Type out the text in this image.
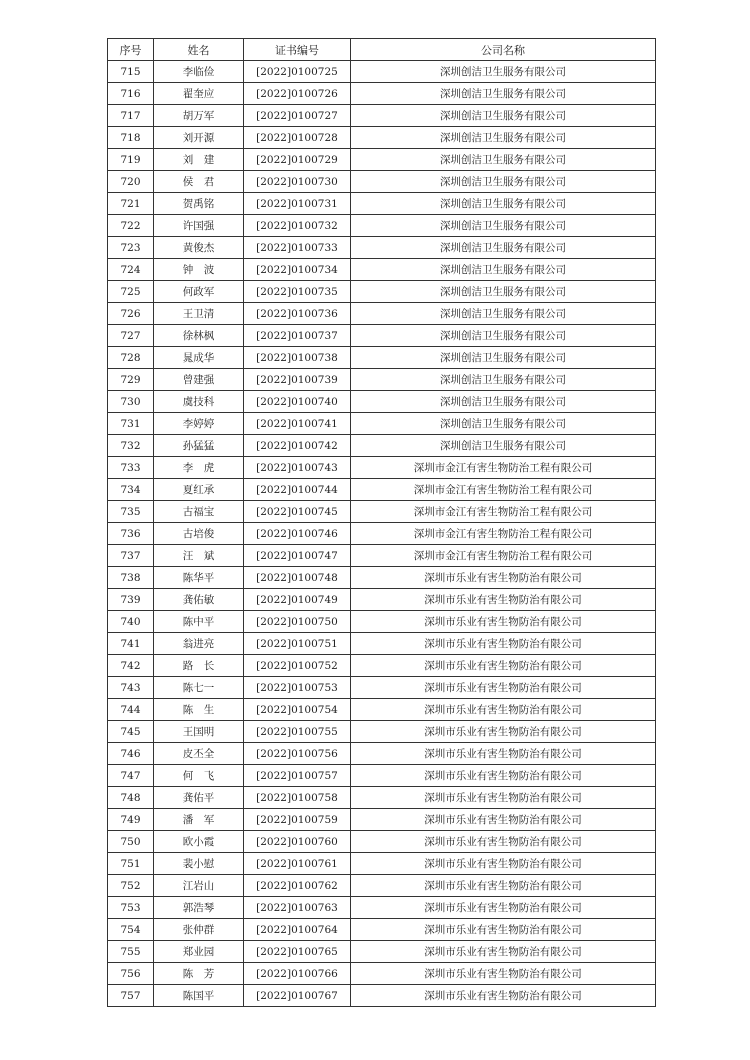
序号	姓名	证书编号	公司名称
715	李临俭	[2022]0100725	深圳创洁卫生服务有限公司
716	翟奎应	[2022]0100726	深圳创洁卫生服务有限公司
717	胡万军	[2022]0100727	深圳创洁卫生服务有限公司
718	刘开源	[2022]0100728	深圳创洁卫生服务有限公司
719	刘　建	[2022]0100729	深圳创洁卫生服务有限公司
720	侯　君	[2022]0100730	深圳创洁卫生服务有限公司
721	贺禹铭	[2022]0100731	深圳创洁卫生服务有限公司
722	许国强	[2022]0100732	深圳创洁卫生服务有限公司
723	黄俊杰	[2022]0100733	深圳创洁卫生服务有限公司
724	钟　波	[2022]0100734	深圳创洁卫生服务有限公司
725	何政军	[2022]0100735	深圳创洁卫生服务有限公司
726	王卫清	[2022]0100736	深圳创洁卫生服务有限公司
727	徐林枫	[2022]0100737	深圳创洁卫生服务有限公司
728	晁成华	[2022]0100738	深圳创洁卫生服务有限公司
729	曾建强	[2022]0100739	深圳创洁卫生服务有限公司
730	虞技科	[2022]0100740	深圳创洁卫生服务有限公司
731	李婷婷	[2022]0100741	深圳创洁卫生服务有限公司
732	孙猛猛	[2022]0100742	深圳创洁卫生服务有限公司
733	李　虎	[2022]0100743	深圳市金江有害生物防治工程有限公司
734	夏红承	[2022]0100744	深圳市金江有害生物防治工程有限公司
735	古福宝	[2022]0100745	深圳市金江有害生物防治工程有限公司
736	古培俊	[2022]0100746	深圳市金江有害生物防治工程有限公司
737	汪　斌	[2022]0100747	深圳市金江有害生物防治工程有限公司
738	陈华平	[2022]0100748	深圳市乐业有害生物防治有限公司
739	龚佑敏	[2022]0100749	深圳市乐业有害生物防治有限公司
740	陈中平	[2022]0100750	深圳市乐业有害生物防治有限公司
741	翁进亮	[2022]0100751	深圳市乐业有害生物防治有限公司
742	路　长	[2022]0100752	深圳市乐业有害生物防治有限公司
743	陈七一	[2022]0100753	深圳市乐业有害生物防治有限公司
744	陈　生	[2022]0100754	深圳市乐业有害生物防治有限公司
745	王国明	[2022]0100755	深圳市乐业有害生物防治有限公司
746	皮丕全	[2022]0100756	深圳市乐业有害生物防治有限公司
747	何　飞	[2022]0100757	深圳市乐业有害生物防治有限公司
748	龚佑平	[2022]0100758	深圳市乐业有害生物防治有限公司
749	潘　军	[2022]0100759	深圳市乐业有害生物防治有限公司
750	欧小霞	[2022]0100760	深圳市乐业有害生物防治有限公司
751	裴小慰	[2022]0100761	深圳市乐业有害生物防治有限公司
752	江岩山	[2022]0100762	深圳市乐业有害生物防治有限公司
753	郭浩琴	[2022]0100763	深圳市乐业有害生物防治有限公司
754	张仲群	[2022]0100764	深圳市乐业有害生物防治有限公司
755	郑业园	[2022]0100765	深圳市乐业有害生物防治有限公司
756	陈　芳	[2022]0100766	深圳市乐业有害生物防治有限公司
757	陈国平	[2022]0100767	深圳市乐业有害生物防治有限公司
